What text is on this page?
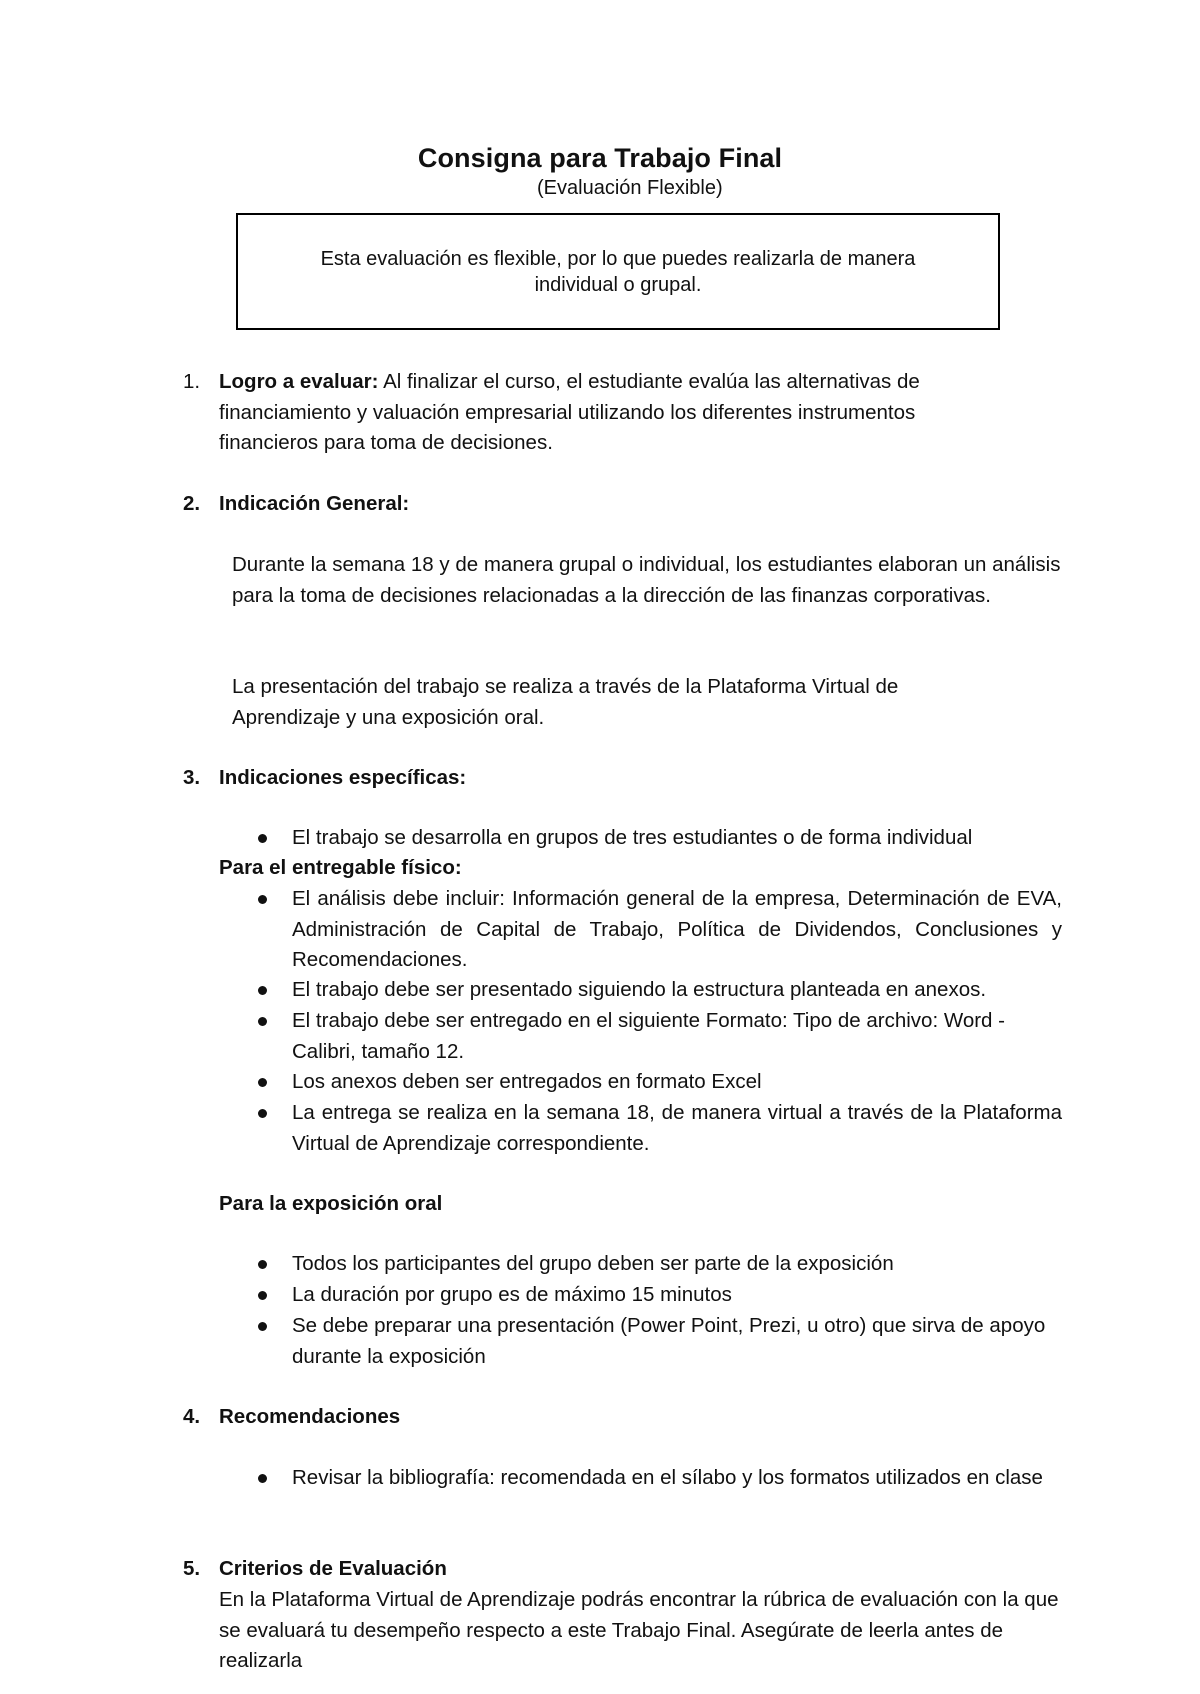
Consigna para Trabajo Final
(Evaluación Flexible)
Esta evaluación es flexible, por lo que puedes realizarla de manera individual o grupal.
1. Logro a evaluar: Al finalizar el curso, el estudiante evalúa las alternativas de financiamiento y valuación empresarial utilizando los diferentes instrumentos financieros para toma de decisiones.
2. Indicación General:
Durante la semana 18 y de manera grupal o individual, los estudiantes elaboran un análisis para la toma de decisiones relacionadas a la dirección de las finanzas corporativas.
La presentación del trabajo se realiza a través de la Plataforma Virtual de Aprendizaje y una exposición oral.
3. Indicaciones específicas:
El trabajo se desarrolla en grupos de tres estudiantes o de forma individual
Para el entregable físico:
El análisis debe incluir: Información general de la empresa, Determinación de EVA, Administración de Capital de Trabajo, Política de Dividendos, Conclusiones y Recomendaciones.
El trabajo debe ser presentado siguiendo la estructura planteada en anexos.
El trabajo debe ser entregado en el siguiente Formato: Tipo de archivo: Word - Calibri, tamaño 12.
Los anexos deben ser entregados en formato Excel
La entrega se realiza en la semana 18, de manera virtual a través de la Plataforma Virtual de Aprendizaje correspondiente.
Para la exposición oral
Todos los participantes del grupo deben ser parte de la exposición
La duración por grupo es de máximo 15 minutos
Se debe preparar una presentación (Power Point, Prezi, u otro) que sirva de apoyo durante la exposición
4. Recomendaciones
Revisar la bibliografía: recomendada en el sílabo y los formatos utilizados en clase
5. Criterios de Evaluación
En la Plataforma Virtual de Aprendizaje podrás encontrar la rúbrica de evaluación con la que se evaluará tu desempeño respecto a este Trabajo Final. Asegúrate de leerla antes de realizarla
